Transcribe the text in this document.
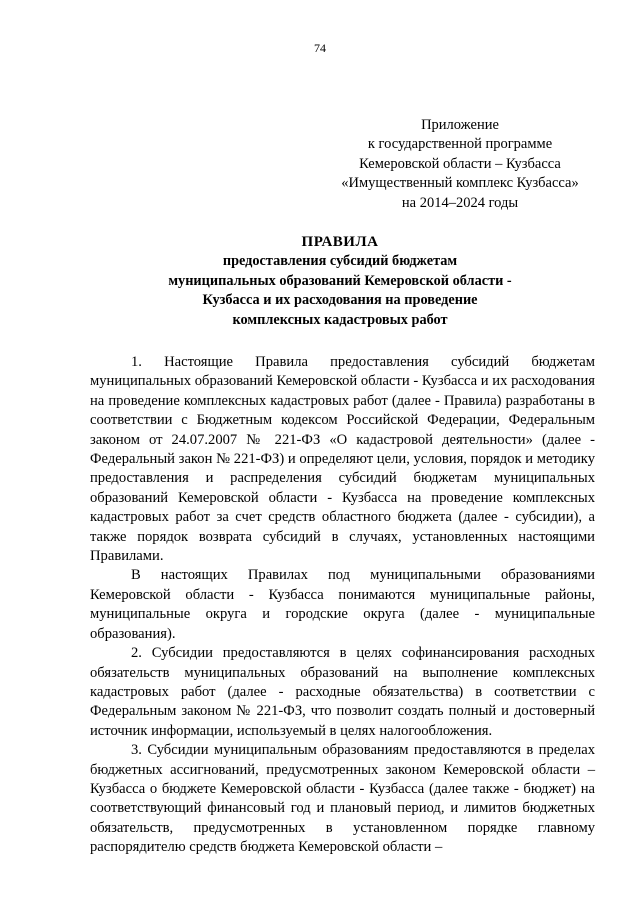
74
Приложение
к государственной программе
Кемеровской области – Кузбасса
«Имущественный комплекс Кузбасса»
на 2014–2024 годы
ПРАВИЛА
предоставления субсидий бюджетам
муниципальных образований Кемеровской области -
Кузбасса и их расходования на проведение
комплексных кадастровых работ

1. Настоящие Правила предоставления субсидий бюджетам муниципальных образований Кемеровской области - Кузбасса и их расходования на проведение комплексных кадастровых работ (далее - Правила) разработаны в соответствии с Бюджетным кодексом Российской Федерации, Федеральным законом от 24.07.2007 № 221-ФЗ «О кадастровой деятельности» (далее - Федеральный закон № 221-ФЗ) и определяют цели, условия, порядок и методику предоставления и распределения субсидий бюджетам муниципальных образований Кемеровской области - Кузбасса на проведение комплексных кадастровых работ за счет средств областного бюджета (далее - субсидии), а также порядок возврата субсидий в случаях, установленных настоящими Правилами.

В настоящих Правилах под муниципальными образованиями Кемеровской области - Кузбасса понимаются муниципальные районы, муниципальные округа и городские округа (далее - муниципальные образования).

2. Субсидии предоставляются в целях софинансирования расходных обязательств муниципальных образований на выполнение комплексных кадастровых работ (далее - расходные обязательства) в соответствии с Федеральным законом № 221-ФЗ, что позволит создать полный и достоверный источник информации, используемый в целях налогообложения.

3. Субсидии муниципальным образованиям предоставляются в пределах бюджетных ассигнований, предусмотренных законом Кемеровской области – Кузбасса о бюджете Кемеровской области - Кузбасса (далее также - бюджет) на соответствующий финансовый год и плановый период, и лимитов бюджетных обязательств, предусмотренных в установленном порядке главному распорядителю средств бюджета Кемеровской области –
